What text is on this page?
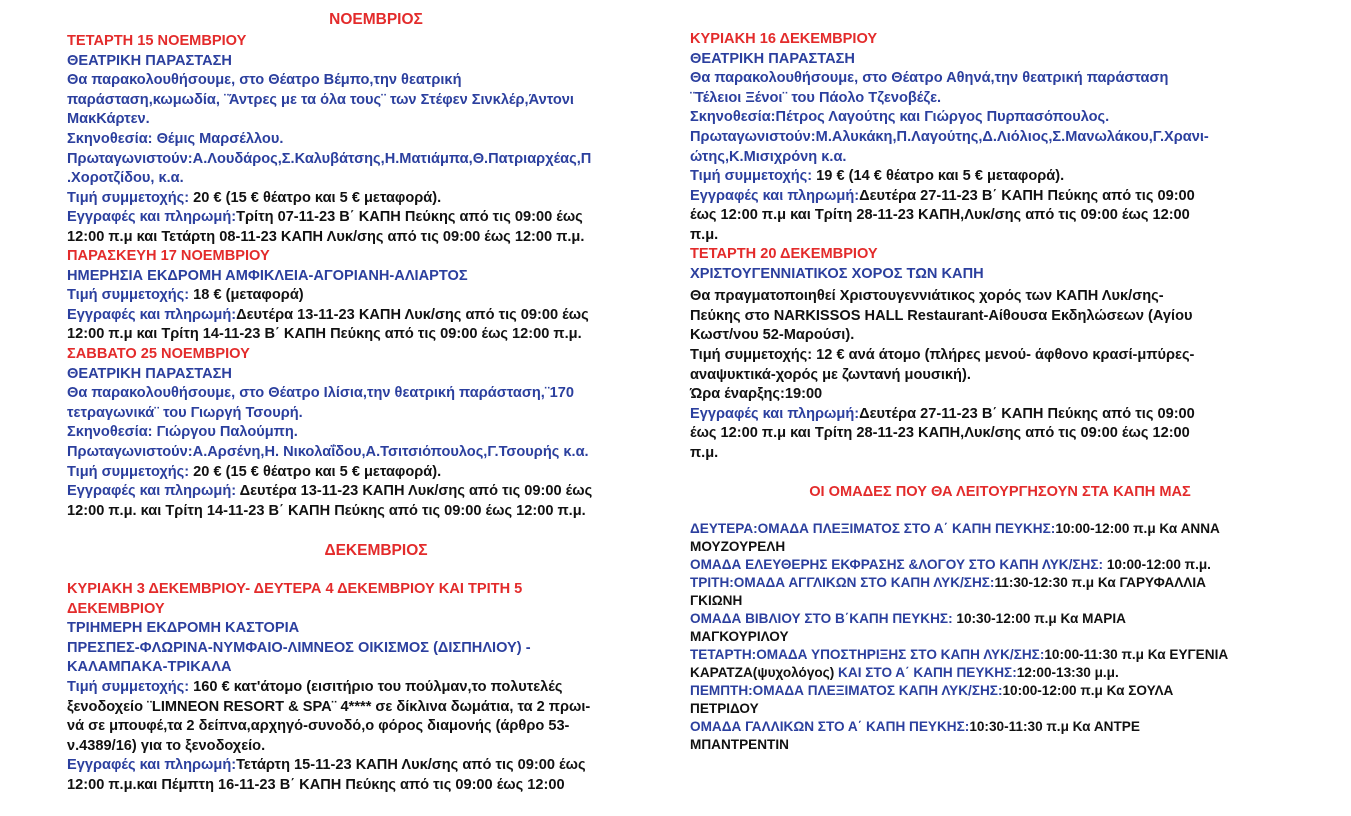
ΝΟΕΜΒΡΙΟΣ
ΤΕΤΑΡΤΗ 15 ΝΟΕΜΒΡΙΟΥ
ΘΕΑΤΡΙΚΗ ΠΑΡΑΣΤΑΣΗ
Θα παρακολουθήσουμε, στο Θέατρο Βέμπο,την θεατρική
παράσταση,κωμωδία, ¨Άντρες με τα όλα τους¨ των Στέφεν Σινκλέρ,Άντονι
ΜακΚάρτεν.
Σκηνοθεσία: Θέμις Μαρσέλλου.
Πρωταγωνιστούν:Α.Λουδάρος,Σ.Καλυβάτσης,Η.Ματιάμπα,Θ.Πατριαρχέας,Π
.Χοροτζίδου, κ.α.
Τιμή συμμετοχής: 20 € (15 € θέατρο και 5 € μεταφορά).
Εγγραφές και πληρωμή:Τρίτη 07-11-23 Β΄ ΚΑΠΗ Πεύκης από τις 09:00 έως
12:00 π.μ και Τετάρτη 08-11-23 ΚΑΠΗ Λυκ/σης από τις 09:00 έως 12:00 π.μ.
ΠΑΡΑΣΚΕΥΗ 17 ΝΟΕΜΒΡΙΟΥ
ΗΜΕΡΗΣΙΑ ΕΚΔΡΟΜΗ ΑΜΦΙΚΛΕΙΑ-ΑΓΟΡΙΑΝΗ-ΑΛΙΑΡΤΟΣ
Τιμή συμμετοχής: 18 € (μεταφορά)
Εγγραφές και πληρωμή:Δευτέρα 13-11-23 ΚΑΠΗ Λυκ/σης από τις 09:00 έως
12:00 π.μ και Τρίτη 14-11-23 Β΄ ΚΑΠΗ Πεύκης από τις 09:00 έως 12:00 π.μ.
ΣΑΒΒΑΤΟ 25 ΝΟΕΜΒΡΙΟΥ
ΘΕΑΤΡΙΚΗ ΠΑΡΑΣΤΑΣΗ
Θα παρακολουθήσουμε, στο Θέατρο Ιλίσια,την θεατρική παράσταση,¨170
τετραγωνικά¨ του Γιωργή Τσουρή.
Σκηνοθεσία: Γιώργου Παλούμπη.
Πρωταγωνιστούν:Α.Αρσένη,Η. Νικολαΐδου,Α.Τσιτσιόπουλος,Γ.Τσουρής κ.α.
Τιμή συμμετοχής: 20 € (15 € θέατρο και 5 € μεταφορά).
Εγγραφές και πληρωμή: Δευτέρα 13-11-23 ΚΑΠΗ Λυκ/σης από τις 09:00 έως
12:00 π.μ. και Τρίτη 14-11-23 Β΄ ΚΑΠΗ Πεύκης από τις 09:00 έως 12:00 π.μ.
ΔΕΚΕΜΒΡΙΟΣ
ΚΥΡΙΑΚΗ 3 ΔΕΚΕΜΒΡΙΟΥ- ΔΕΥΤΕΡΑ 4 ΔΕΚΕΜΒΡΙΟΥ ΚΑΙ ΤΡΙΤΗ 5
ΔΕΚΕΜΒΡΙΟΥ
ΤΡΙΗΜΕΡΗ ΕΚΔΡΟΜΗ ΚΑΣΤΟΡΙΑ
ΠΡΕΣΠΕΣ-ΦΛΩΡΙΝΑ-ΝΥΜΦΑΙΟ-ΛΙΜΝΕΟΣ ΟΙΚΙΣΜΟΣ (ΔΙΣΠΗΛΙΟΥ) -
ΚΑΛΑΜΠΑΚΑ-ΤΡΙΚΑΛΑ
Τιμή συμμετοχής: 160 € κατ'άτομο (εισιτήριο του πούλμαν,το πολυτελές
ξενοδοχείο ¨LIMNEON RESORT & SPA¨ 4**** σε δίκλινα δωμάτια, τα 2 πρωι-
νά σε μπουφέ,τα 2 δείπνα,αρχηγό-συνοδό,ο φόρος διαμονής (άρθρο 53-
ν.4389/16) για το ξενοδοχείο.
Εγγραφές και πληρωμή:Τετάρτη 15-11-23 ΚΑΠΗ Λυκ/σης από τις 09:00 έως
12:00 π.μ.και Πέμπτη 16-11-23 Β΄ ΚΑΠΗ Πεύκης από τις 09:00 έως 12:00
ΚΥΡΙΑΚΗ 16 ΔΕΚΕΜΒΡΙΟΥ
ΘΕΑΤΡΙΚΗ ΠΑΡΑΣΤΑΣΗ
Θα παρακολουθήσουμε, στο Θέατρο Αθηνά,την θεατρική παράσταση
¨Τέλειοι Ξένοι¨ του Πάολο Τζενοβέζε.
Σκηνοθεσία:Πέτρος Λαγούτης και Γιώργος Πυρπασόπουλος.
Πρωταγωνιστούν:Μ.Αλυκάκη,Π.Λαγούτης,Δ.Λιόλιος,Σ.Μανωλάκου,Γ.Χρανι-
ώτης,Κ.Μισιχρόνη κ.α.
Τιμή συμμετοχής: 19 € (14 € θέατρο και 5 € μεταφορά).
Εγγραφές και πληρωμή:Δευτέρα 27-11-23 Β΄ ΚΑΠΗ Πεύκης από τις 09:00
έως 12:00 π.μ και Τρίτη 28-11-23 ΚΑΠΗ,Λυκ/σης από τις 09:00 έως 12:00
π.μ.
ΤΕΤΑΡΤΗ 20 ΔΕΚΕΜΒΡΙΟΥ
ΧΡΙΣΤΟΥΓΕΝΝΙΑΤΙΚΟΣ ΧΟΡΟΣ ΤΩΝ ΚΑΠΗ
Θα πραγματοποιηθεί Χριστουγεννιάτικος χορός των ΚΑΠΗ Λυκ/σης-
Πεύκης στο NARKISSOS HALL Restaurant-Αίθουσα Εκδηλώσεων (Αγίου
Κωστ/νου 52-Μαρούσι).
Τιμή συμμετοχής: 12 € ανά άτομο (πλήρες μενού- άφθονο κρασί-μπύρες-
αναψυκτικά-χορός με ζωντανή μουσική).
Ώρα έναρξης:19:00
Εγγραφές και πληρωμή:Δευτέρα 27-11-23 Β΄ ΚΑΠΗ Πεύκης από τις 09:00
έως 12:00 π.μ και Τρίτη 28-11-23 ΚΑΠΗ,Λυκ/σης από τις 09:00 έως 12:00
π.μ.
ΟΙ ΟΜΑΔΕΣ ΠΟΥ ΘΑ ΛΕΙΤΟΥΡΓΗΣΟΥΝ ΣΤΑ ΚΑΠΗ ΜΑΣ
ΔΕΥΤΕΡΑ:ΟΜΑΔΑ ΠΛΕΞΙΜΑΤΟΣ ΣΤΟ Α΄ ΚΑΠΗ ΠΕΥΚΗΣ:10:00-12:00 π.μ Κα ΑΝΝΑ
ΜΟΥΖΟΥΡΕΛΗ
ΟΜΑΔΑ ΕΛΕΥΘΕΡΗΣ ΕΚΦΡΑΣΗΣ &ΛΟΓΟΥ ΣΤΟ ΚΑΠΗ ΛΥΚ/ΣΗΣ: 10:00-12:00 π.μ.
ΤΡΙΤΗ:ΟΜΑΔΑ ΑΓΓΛΙΚΩΝ ΣΤΟ ΚΑΠΗ ΛΥΚ/ΣΗΣ:11:30-12:30 π.μ Κα ΓΑΡΥΦΑΛΛΙΑ
ΓΚΙΩΝΗ
ΟΜΑΔΑ ΒΙΒΛΙΟΥ ΣΤΟ Β΄ΚΑΠΗ ΠΕΥΚΗΣ: 10:30-12:00 π.μ Κα ΜΑΡΙΑ
ΜΑΓΚΟΥΡΙΛΟΥ
ΤΕΤΑΡΤΗ:ΟΜΑΔΑ ΥΠΟΣΤΗΡΙΞΗΣ ΣΤΟ ΚΑΠΗ ΛΥΚ/ΣΗΣ:10:00-11:30 π.μ Κα ΕΥΓΕΝΙΑ
ΚΑΡΑΤΖΑ(ψυχολόγος) ΚΑΙ ΣΤΟ Α΄ ΚΑΠΗ ΠΕΥΚΗΣ:12:00-13:30 μ.μ.
ΠΕΜΠΤΗ:ΟΜΑΔΑ ΠΛΕΞΙΜΑΤΟΣ ΚΑΠΗ ΛΥΚ/ΣΗΣ:10:00-12:00 π.μ Κα ΣΟΥΛΑ
ΠΕΤΡΙΔΟΥ
ΟΜΑΔΑ ΓΑΛΛΙΚΩΝ ΣΤΟ Α΄ ΚΑΠΗ ΠΕΥΚΗΣ:10:30-11:30 π.μ Κα ΑΝΤΡΕ
ΜΠΑΝΤΡΕΝΤΙΝ
